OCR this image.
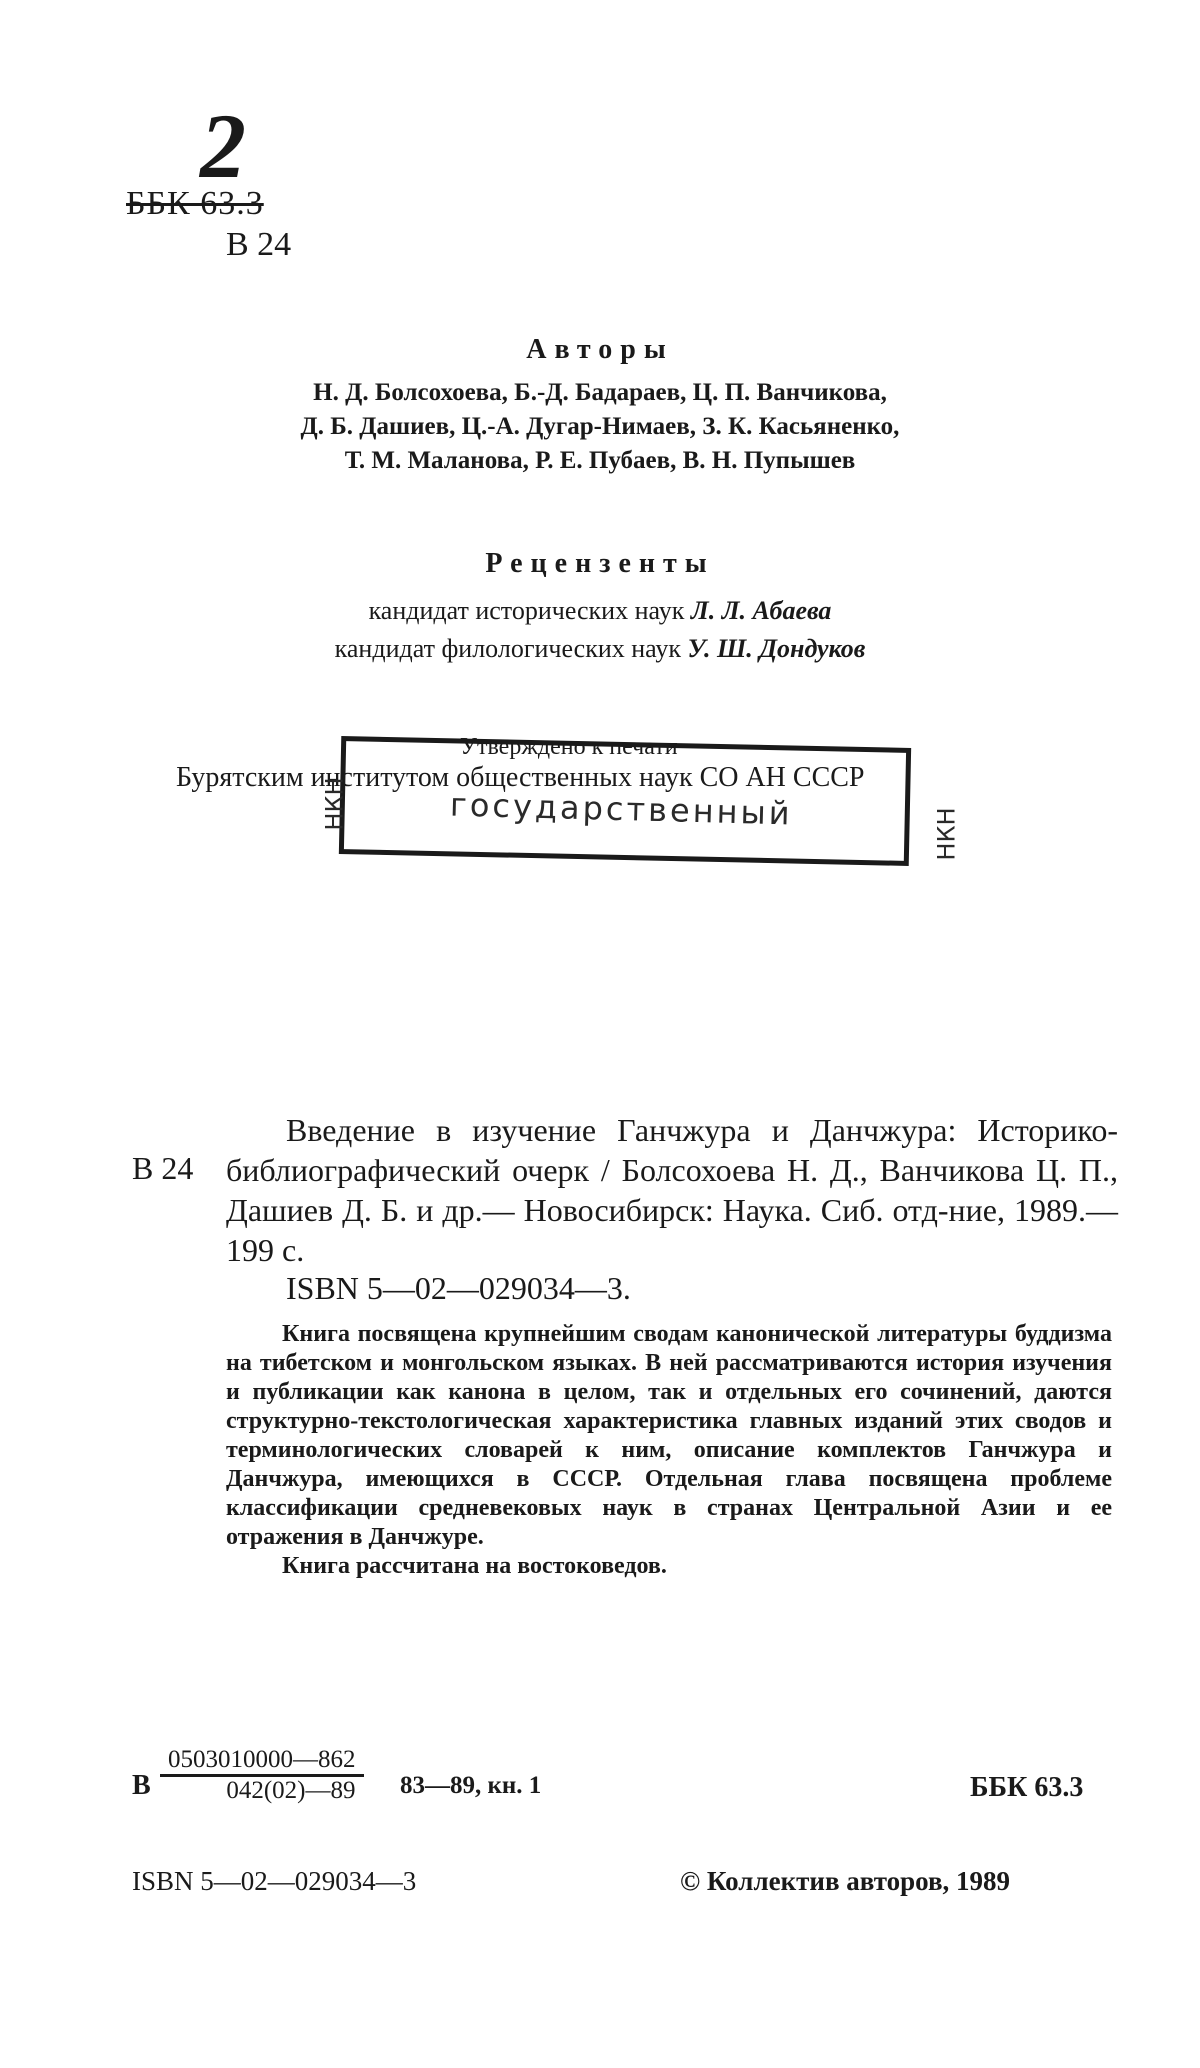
2
ББК 63.3
В 24
Авторы
Н. Д. Болсохоева, Б.-Д. Бадараев, Ц. П. Ванчикова,
Д. Б. Дашиев, Ц.-А. Дугар-Нимаев, З. К. Касьяненко,
Т. М. Маланова, Р. Е. Пубаев, В. Н. Пупышев
Рецензенты
кандидат исторических наук Л. Л. Абаева
кандидат филологических наук У. Ш. Дондуков
Утверждено к печати
Бурятским институтом общественных наук СО АН СССР
государственный
НКН
НКН
В 24

Введение в изучение Ганчжура и Данчжура: Историко-библиографический очерк / Болсохоева Н. Д., Ванчикова Ц. П., Дашиев Д. Б. и др.— Новосибирск: Наука. Сиб. отд-ние, 1989.— 199 с.

ISBN 5—02—029034—3.

Книга посвящена крупнейшим сводам канонической литературы буддизма на тибетском и монгольском языках. В ней рассматриваются история изучения и публикации как канона в целом, так и отдельных его сочинений, даются структурно-текстологическая характеристика главных изданий этих сводов и терминологических словарей к ним, описание комплектов Ганчжура и Данчжура, имеющихся в СССР. Отдельная глава посвящена проблеме классификации средневековых наук в странах Центральной Азии и ее отражения в Данчжуре.

Книга рассчитана на востоковедов.

В $\frac{0503010000—862}{042(02)—89}$ 83—89, кн. 1	ББК 63.3
ISBN 5—02—029034—3	© Коллектив авторов, 1989
